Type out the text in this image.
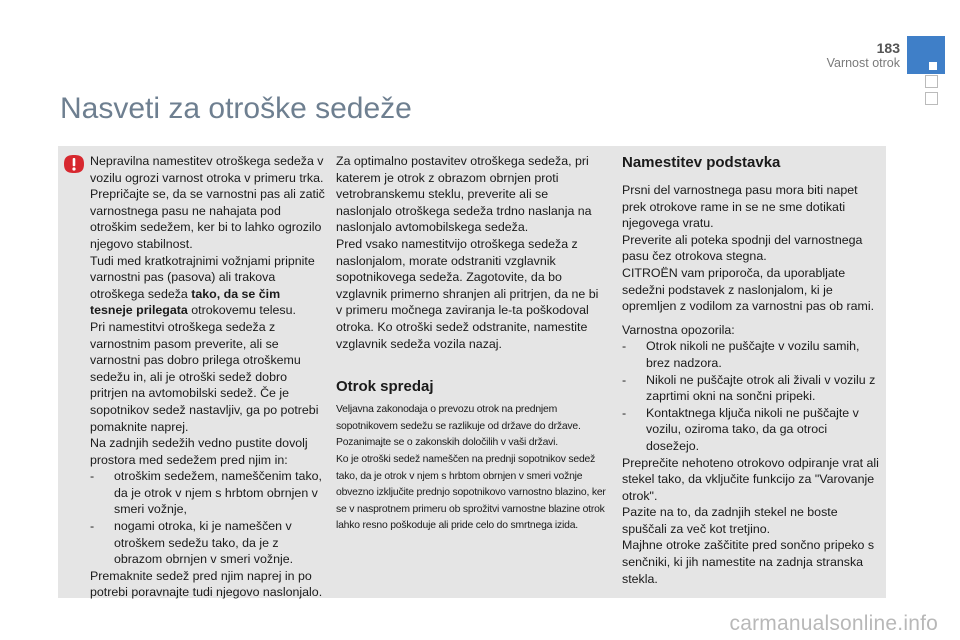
183
Varnost otrok
Nasveti za otroške sedeže

Nepravilna namestitev otroškega sedeža v vozilu ogrozi varnost otroka v primeru trka.

Prepričajte se, da se varnostni pas ali zatič varnostnega pasu ne nahajata pod otroškim sedežem, ker bi to lahko ogrozilo njegovo stabilnost.

Tudi med kratkotrajnimi vožnjami pripnite varnostni pas (pasova) ali trakova otroškega sedeža tako, da se čim tesneje prilegata otrokovemu telesu.

Pri namestitvi otroškega sedeža z varnostnim pasom preverite, ali se varnostni pas dobro prilega otroškemu sedežu in, ali je otroški sedež dobro pritrjen na avtomobilski sedež. Če je sopotnikov sedež nastavljiv, ga po potrebi pomaknite naprej.

Na zadnjih sedežih vedno pustite dovolj prostora med sedežem pred njim in:

- otroškim sedežem, nameščenim tako, da je otrok v njem s hrbtom obrnjen v smeri vožnje,
- nogami otroka, ki je nameščen v otroškem sedežu tako, da je z obrazom obrnjen v smeri vožnje.

Premaknite sedež pred njim naprej in po potrebi poravnajte tudi njegovo naslonjalo.

Za optimalno postavitev otroškega sedeža, pri katerem je otrok z obrazom obrnjen proti vetrobranskemu steklu, preverite ali se naslonjalo otroškega sedeža trdno naslanja na naslonjalo avtomobilskega sedeža.

Pred vsako namestitvijo otroškega sedeža z naslonjalom, morate odstraniti vzglavnik sopotnikovega sedeža. Zagotovite, da bo vzglavnik primerno shranjen ali pritrjen, da ne bi v primeru močnega zaviranja le-ta poškodoval otroka. Ko otroški sedež odstranite, namestite vzglavnik sedeža vozila nazaj.

Otrok spredaj

Veljavna zakonodaja o prevozu otrok na prednjem sopotnikovem sedežu se razlikuje od države do države.

Pozanimajte se o zakonskih določilih v vaši državi.

Ko je otroški sedež nameščen na prednji sopotnikov sedež tako, da je otrok v njem s hrbtom obrnjen v smeri vožnje obvezno izključite prednjo sopotnikovo varnostno blazino, ker se v nasprotnem primeru ob sprožitvi varnostne blazine otrok lahko resno poškoduje ali pride celo do smrtnega izida.

Namestitev podstavka

Prsni del varnostnega pasu mora biti napet prek otrokove rame in se ne sme dotikati njegovega vratu.

Preverite ali poteka spodnji del varnostnega pasu čez otrokova stegna.

CITROËN vam priporoča, da uporabljate sedežni podstavek z naslonjalom, ki je opremljen z vodilom za varnostni pas ob rami.

Varnostna opozorila:

- Otrok nikoli ne puščajte v vozilu samih, brez nadzora.
- Nikoli ne puščajte otrok ali živali v vozilu z zaprtimi okni na sončni pripeki.
- Kontaktnega ključa nikoli ne puščajte v vozilu, oziroma tako, da ga otroci dosežejo.

Preprečite nehoteno otrokovo odpiranje vrat ali stekel tako, da vključite funkcijo za "Varovanje otrok".

Pazite na to, da zadnjih stekel ne boste spuščali za več kot tretjino.

Majhne otroke zaščitite pred sončno pripeko s senčniki, ki jih namestite na zadnja stranska stekla.

carmanualsonline.info
